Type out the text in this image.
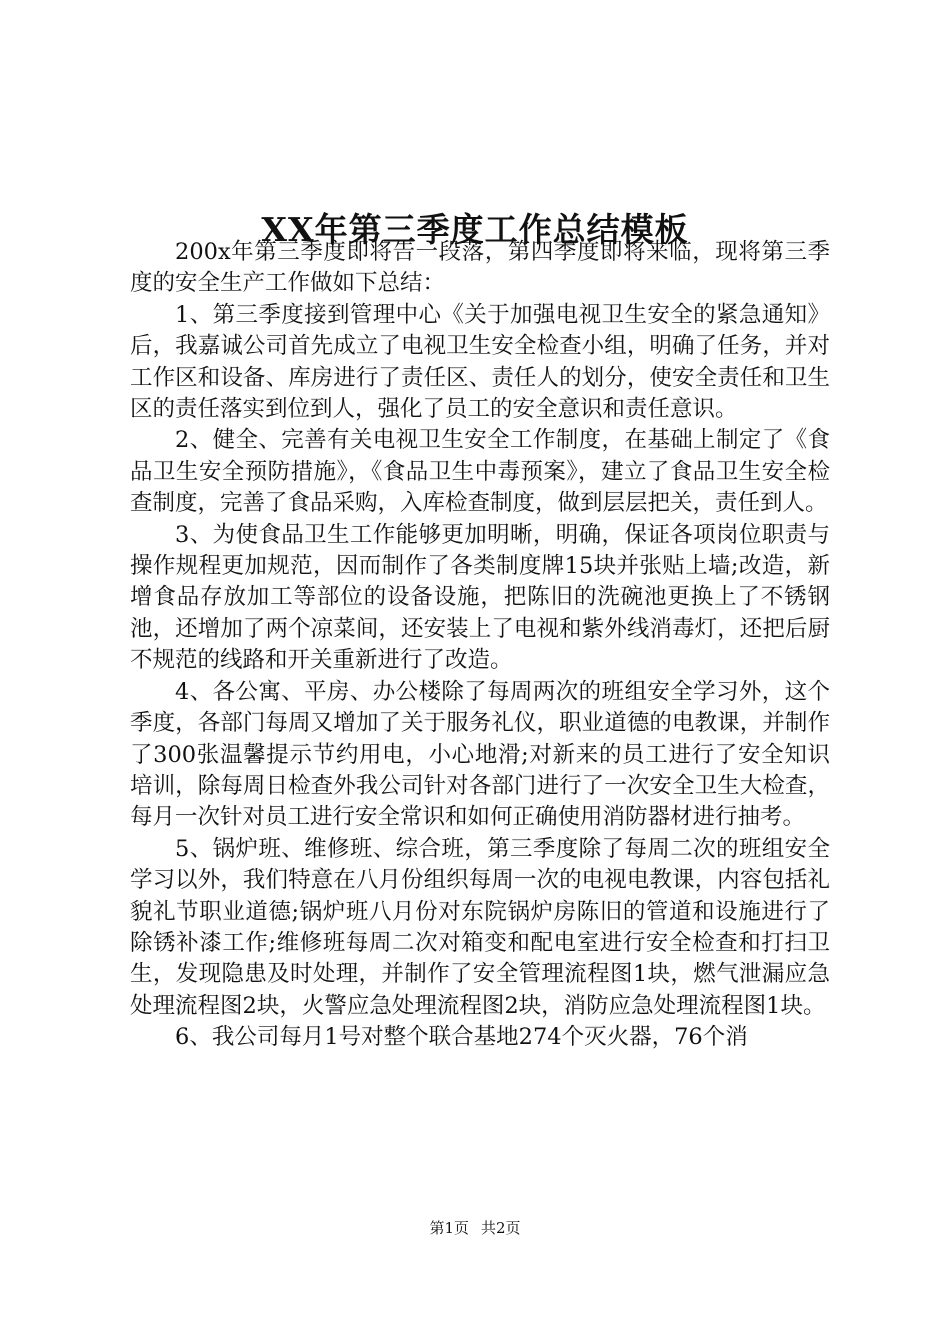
XX年第三季度工作总结模板

200x年第三季度即将告一段落，第四季度即将来临，现将第三季度的安全生产工作做如下总结：

1、第三季度接到管理中心《关于加强电视卫生安全的紧急通知》后，我嘉诚公司首先成立了电视卫生安全检查小组，明确了任务，并对工作区和设备、库房进行了责任区、责任人的划分，使安全责任和卫生区的责任落实到位到人，强化了员工的安全意识和责任意识。

2、健全、完善有关电视卫生安全工作制度，在基础上制定了《食品卫生安全预防措施》，《食品卫生中毒预案》，建立了食品卫生安全检查制度，完善了食品采购，入库检查制度，做到层层把关，责任到人。

3、为使食品卫生工作能够更加明晰，明确，保证各项岗位职责与操作规程更加规范，因而制作了各类制度牌15块并张贴上墙;改造，新增食品存放加工等部位的设备设施，把陈旧的洗碗池更换上了不锈钢池，还增加了两个凉菜间，还安装上了电视和紫外线消毒灯，还把后厨不规范的线路和开关重新进行了改造。

4、各公寓、平房、办公楼除了每周两次的班组安全学习外，这个季度，各部门每周又增加了关于服务礼仪，职业道德的电教课，并制作了300张温馨提示节约用电，小心地滑;对新来的员工进行了安全知识培训，除每周日检查外我公司针对各部门进行了一次安全卫生大检查，每月一次针对员工进行安全常识和如何正确使用消防器材进行抽考。

5、锅炉班、维修班、综合班，第三季度除了每周二次的班组安全学习以外，我们特意在八月份组织每周一次的电视电教课，内容包括礼貌礼节职业道德;锅炉班八月份对东院锅炉房陈旧的管道和设施进行了除锈补漆工作;维修班每周二次对箱变和配电室进行安全检查和打扫卫生，发现隐患及时处理，并制作了安全管理流程图1块，燃气泄漏应急处理流程图2块，火警应急处理流程图2块，消防应急处理流程图1块。

6、我公司每月1号对整个联合基地274个灭火器，76个消

第1页 共2页
